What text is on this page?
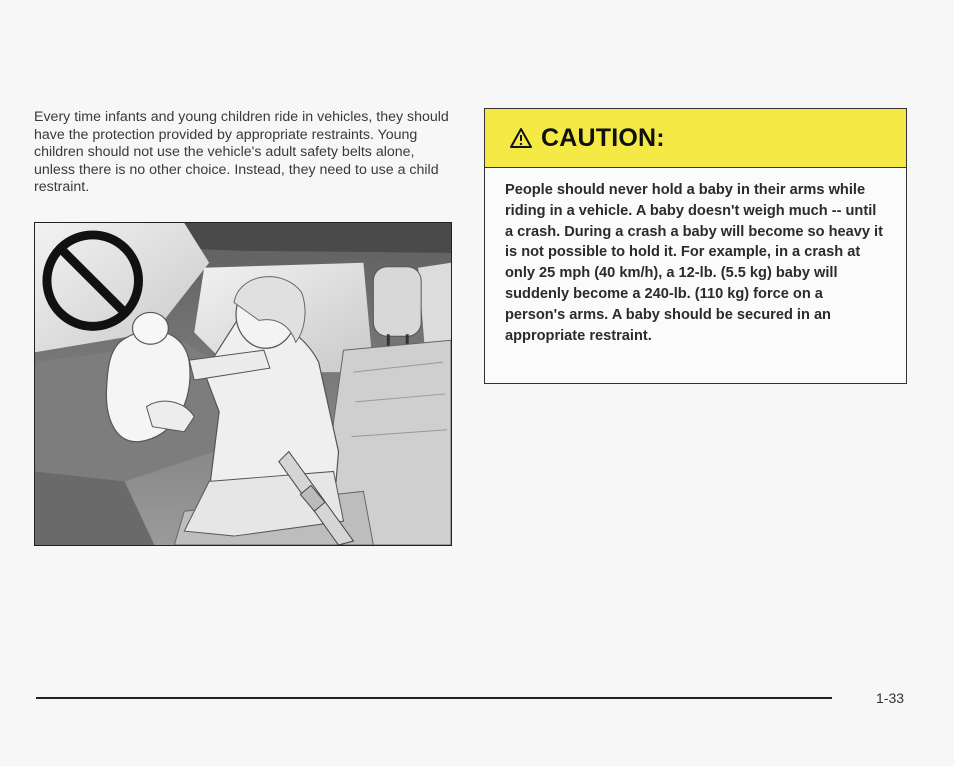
Every time infants and young children ride in vehicles, they should have the protection provided by appropriate restraints. Young children should not use the vehicle's adult safety belts alone, unless there is no other choice. Instead, they need to use a child restraint.

CAUTION:

People should never hold a baby in their arms while riding in a vehicle. A baby doesn't weigh much -- until a crash. During a crash a baby will become so heavy it is not possible to hold it. For example, in a crash at only 25 mph (40 km/h), a 12-lb. (5.5 kg) baby will suddenly become a 240-lb. (110 kg) force on a person's arms. A baby should be secured in an appropriate restraint.

1-33
